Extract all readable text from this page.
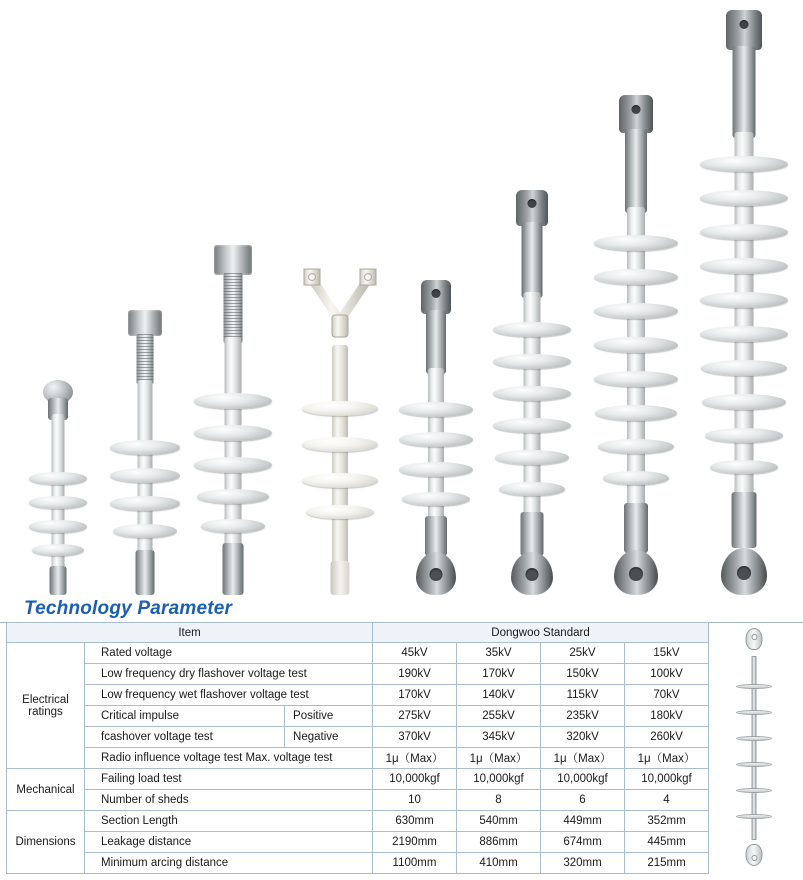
Technology Parameter
Item			Dongwoo Standard			
Electrical ratings	Rated voltage		45kV	35kV	25kV	15kV
	Low frequency dry flashover voltage test		190kV	170kV	150kV	100kV
	Low frequency wet flashover voltage test		170kV	140kV	115kV	70kV
	Critical impulse	Positive	275kV	255kV	235kV	180kV
	fcashover voltage test	Negative	370kV	345kV	320kV	260kV
	Radio influence voltage test Max. voltage test		1μ（Max）	1μ（Max）	1μ（Max）	1μ（Max）
Mechanical	Failing load test		10,000kgf	10,000kgf	10,000kgf	10,000kgf
	Number of sheds		10	8	6	4
Dimensions	Section Length		630mm	540mm	449mm	352mm
	Leakage distance		2190mm	886mm	674mm	445mm
	Minimum arcing distance		1100mm	410mm	320mm	215mm
